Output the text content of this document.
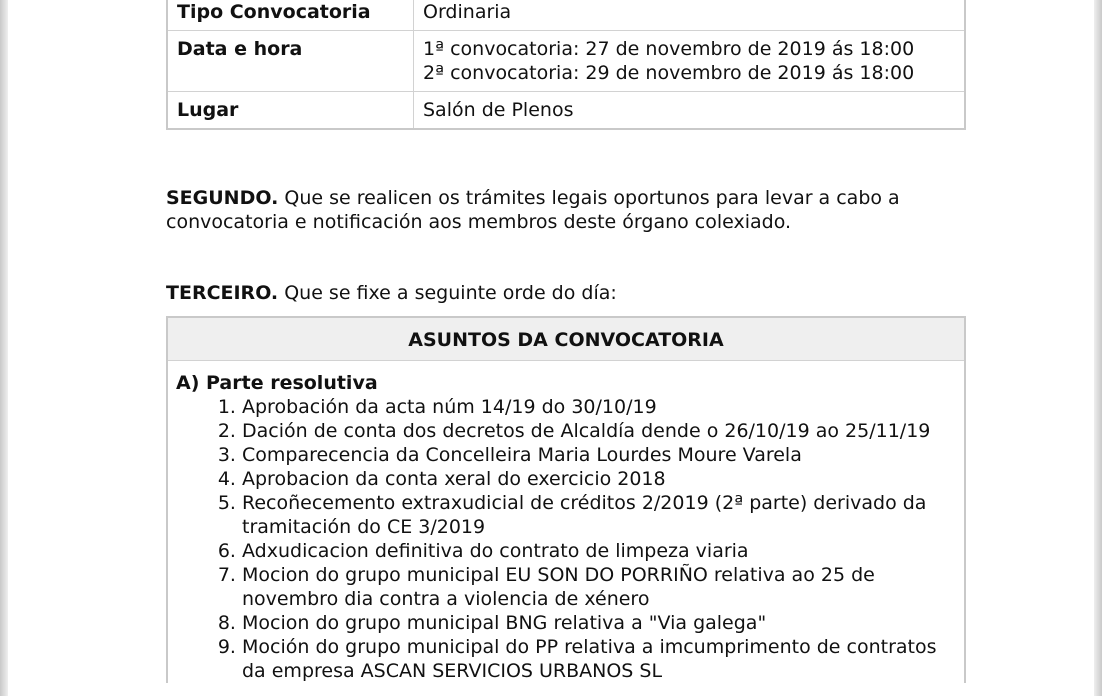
Tipo Convocatoria	Ordinaria

Data e hora	1ª convocatoria: 27 de novembro de 2019 ás 18:00
2ª convocatoria: 29 de novembro de 2019 ás 18:00

Lugar	Salón de Plenos

SEGUNDO. Que se realicen os trámites legais oportunos para levar a cabo a convocatoria e notificación aos membros deste órgano colexiado.

TERCEIRO. Que se fixe a seguinte orde do día:

ASUNTOS DA CONVOCATORIA
A) Parte resolutiva
1. Aprobación da acta núm 14/19 do 30/10/19
2. Dación de conta dos decretos de Alcaldía dende o 26/10/19 ao 25/11/19
3. Comparecencia da Concelleira Maria Lourdes Moure Varela
4. Aprobacion da conta xeral do exercicio 2018
5. Recoñecemento extraxudicial de créditos 2/2019 (2ª parte) derivado da tramitación do CE 3/2019
6. Adxudicacion definitiva do contrato de limpeza viaria
7. Mocion do grupo municipal EU SON DO PORRIÑO relativa ao 25 de novembro dia contra a violencia de xénero
8. Mocion do grupo municipal BNG relativa a "Via galega"
9. Moción do grupo municipal do PP relativa a imcumprimento de contratos da empresa ASCAN SERVICIOS URBANOS SL
